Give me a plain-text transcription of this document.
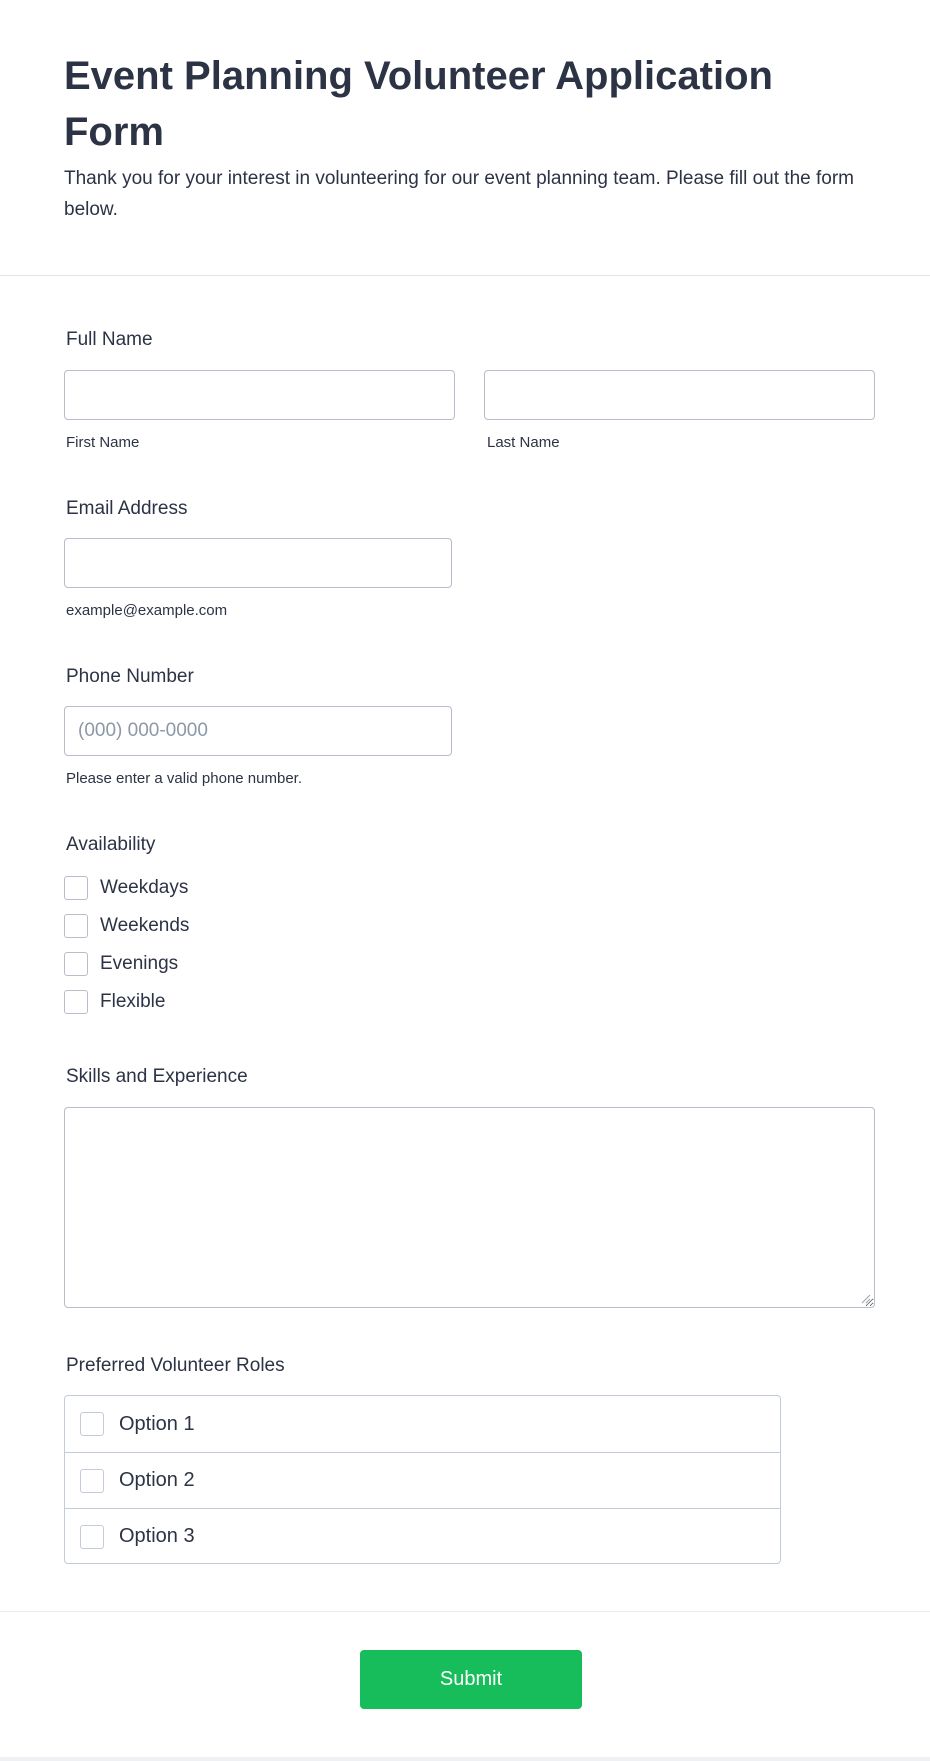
Event Planning Volunteer Application Form

Thank you for your interest in volunteering for our event planning team. Please fill out the form below.

Full Name
First Name	Last Name
Email Address
example@example.com
Phone Number
(000) 000-0000
Please enter a valid phone number.
Availability
Weekdays
Weekends
Evenings
Flexible
Skills and Experience
Preferred Volunteer Roles
Option 1
Option 2
Option 3
Submit
